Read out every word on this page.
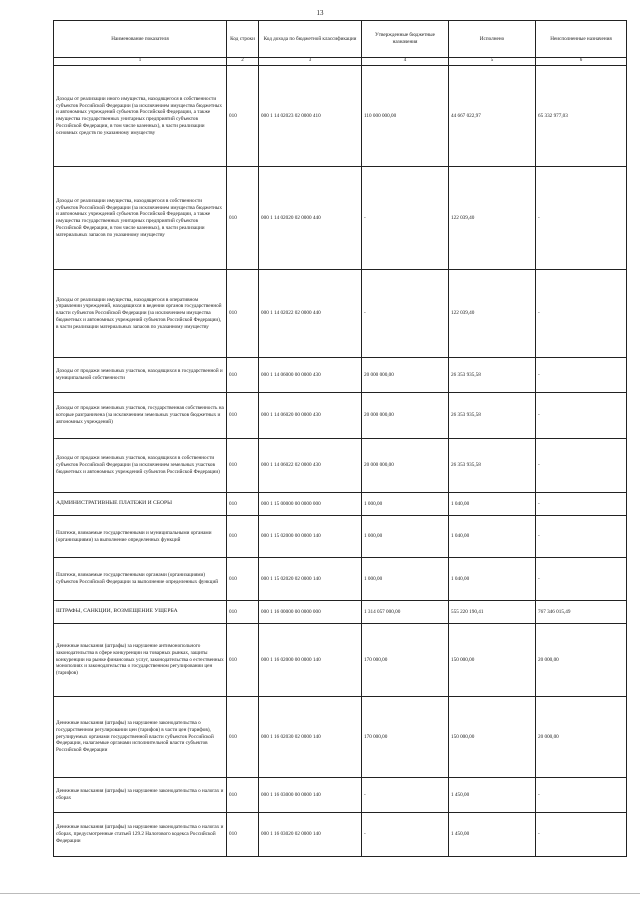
13
Наименование показателя	Код строки	Код дохода по бюджетной классификации	Утвержденные бюджетные назначения	Исполнено	Неисполненные назначения
1	2	3	4	5	6
Доходы от реализации иного имущества, находящегося в собственности субъектов Российской Федерации (за исключением имущества бюджетных и автономных учреждений субъектов Российской Федерации, а также имущества государственных унитарных предприятий субъектов Российской Федерации, в том числе казенных), в части реализации основных средств по указанному имуществу	010	000 1 14 02023 02 0000 410	110 000 000,00	44 667 022,97	65 332 977,03
Доходы от реализации имущества, находящегося в собственности субъектов Российской Федерации (за исключением имущества бюджетных и автономных учреждений субъектов Российской Федерации, а также имущества государственных унитарных предприятий субъектов Российской Федерации, в том числе казенных), в части реализации материальных запасов по указанному имуществу	010	000 1 14 02020 02 0000 440	-	122 039,40	-
Доходы от реализации имущества, находящегося в оперативном управлении учреждений, находящихся в ведении органов государственной власти субъектов Российской Федерации (за исключением имущества бюджетных и автономных учреждений субъектов Российской Федерации), в части реализации материальных запасов по указанному имуществу	010	000 1 14 02022 02 0000 440	-	122 039,40	-
Доходы от продажи земельных участков, находящихся в государственной и муниципальной собственности	010	000 1 14 06000 00 0000 430	20 000 000,00	26 353 935,58	-
Доходы от продажи земельных участков, государственная собственность на которые разграничена (за исключением земельных участков бюджетных и автономных учреждений)	010	000 1 14 06020 00 0000 430	20 000 000,00	26 353 935,58	-
Доходы от продажи земельных участков, находящихся в собственности субъектов Российской Федерации (за исключением земельных участков бюджетных и автономных учреждений субъектов Российской Федерации)	010	000 1 14 06022 02 0000 430	20 000 000,00	26 353 935,58	-
АДМИНИСТРАТИВНЫЕ ПЛАТЕЖИ И СБОРЫ	010	000 1 15 00000 00 0000 000	1 000,00	1 040,00	-
Платежи, взимаемые государственными и муниципальными органами (организациями) за выполнение определенных функций	010	000 1 15 02000 00 0000 140	1 000,00	1 040,00	-
Платежи, взимаемые государственными органами (организациями) субъектов Российской Федерации за выполнение определенных функций	010	000 1 15 02020 02 0000 140	1 000,00	1 040,00	-
ШТРАФЫ, САНКЦИИ, ВОЗМЕЩЕНИЕ УЩЕРБА	010	000 1 16 00000 00 0000 000	1 314 057 000,00	555 220 190,41	767 346 015,49
Денежные взыскания (штрафы) за нарушение антимонопольного законодательства в сфере конкуренции на товарных рынках, защиты конкуренции на рынке финансовых услуг, законодательства о естественных монополиях и законодательства о государственном регулировании цен (тарифов)	010	000 1 16 02000 00 0000 140	170 000,00	150 000,00	20 000,00
Денежные взыскания (штрафы) за нарушение законодательства о государственном регулировании цен (тарифов) в части цен (тарифов), регулируемых органами государственной власти субъектов Российской Федерации, налагаемые органами исполнительной власти субъектов Российской Федерации	010	000 1 16 02030 02 0000 140	170 000,00	150 000,00	20 000,00
Денежные взыскания (штрафы) за нарушение законодательства о налогах и сборах	010	000 1 16 03000 00 0000 140	-	1 450,00	-
Денежные взыскания (штрафы) за нарушение законодательства о налогах и сборах, предусмотренные статьей 129.2 Налогового кодекса Российской Федерации	010	000 1 16 03020 02 0000 140	-	1 450,00	-
